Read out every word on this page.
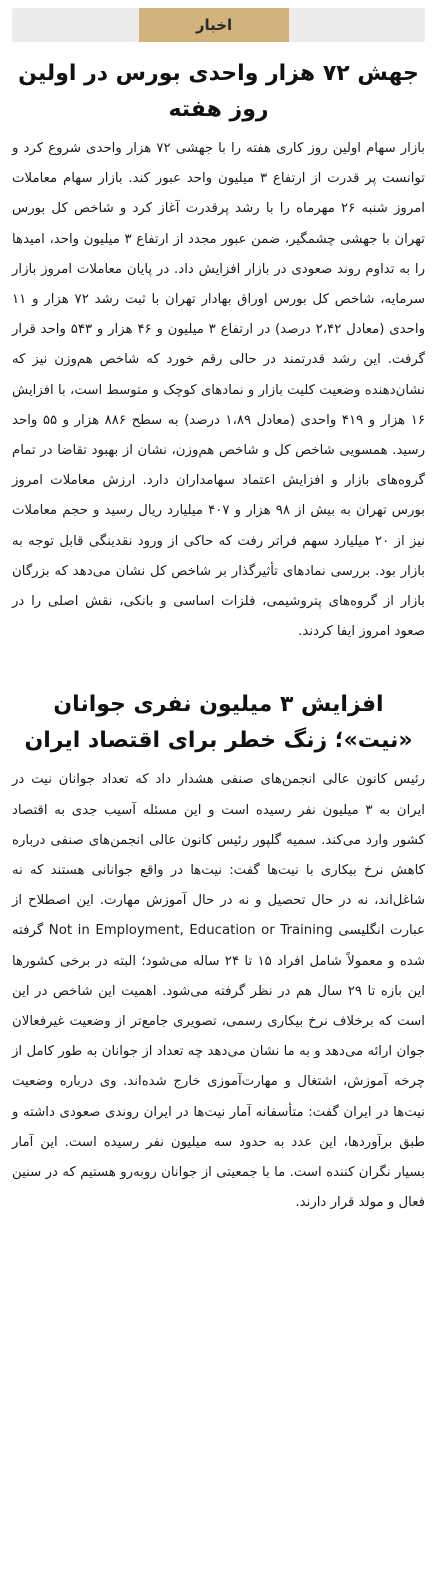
اخبار
جهش ۷۲ هزار واحدی بورس در اولین روز هفته

بازار سهام اولین روز کاری هفته را با جهشی ۷۲ هزار واحدی شروع کرد و توانست پر قدرت از ارتفاع ۳ میلیون واحد عبور کند. بازار سهام معاملات امروز شنبه ۲۶ مهرماه را با رشد پرقدرت آغاز کرد و شاخص کل بورس تهران با جهشی چشمگیر، ضمن عبور مجدد از ارتفاع ۳ میلیون واحد، امیدها را به تداوم روند صعودی در بازار افزایش داد. در پایان معاملات امروز بازار سرمایه، شاخص کل بورس اوراق بهادار تهران با ثبت رشد ۷۲ هزار و ۱۱ واحدی (معادل ۲،۴۲ درصد) در ارتفاع ۳ میلیون و ۴۶ هزار و ۵۴۳ واحد قرار گرفت. این رشد قدرتمند در حالی رقم خورد که شاخص هم‌وزن نیز که نشان‌دهنده وضعیت کلیت بازار و نمادهای کوچک و متوسط است، با افزایش ۱۶ هزار و ۴۱۹ واحدی (معادل ۱،۸۹ درصد) به سطح ۸۸۶ هزار و ۵۵ واحد رسید. همسویی شاخص کل و شاخص هم‌وزن، نشان از بهبود تقاضا در تمام گروه‌های بازار و افزایش اعتماد سهامداران دارد. ارزش معاملات امروز بورس تهران به بیش از ۹۸ هزار و ۴۰۷ میلیارد ریال رسید و حجم معاملات نیز از ۲۰ میلیارد سهم فراتر رفت که حاکی از ورود نقدینگی قابل توجه به بازار بود. بررسی نمادهای تأثیرگذار بر شاخص کل نشان می‌دهد که بزرگان بازار از گروه‌های پتروشیمی، فلزات اساسی و بانکی، نقش اصلی را در صعود امروز ایفا کردند.

افزایش ۳ میلیون نفری جوانان «نیت»؛ زنگ خطر برای اقتصاد ایران

رئیس کانون عالی انجمن‌های صنفی هشدار داد که تعداد جوانان نیت در ایران به ۳ میلیون نفر رسیده است و این مسئله آسیب جدی به اقتصاد کشور وارد می‌کند. سمیه گلپور رئیس کانون عالی انجمن‌های صنفی درباره کاهش نرخ بیکاری با نیت‌ها گفت: نیت‌ها در واقع جوانانی هستند که نه شاغل‌اند، نه در حال تحصیل و نه در حال آموزش مهارت. این اصطلاح از عبارت انگلیسی Not in Employment, Education or Training گرفته شده و معمولاً شامل افراد ۱۵ تا ۲۴ ساله می‌شود؛ البته در برخی کشورها این بازه تا ۲۹ سال هم در نظر گرفته می‌شود. اهمیت این شاخص در این است که برخلاف نرخ بیکاری رسمی، تصویری جامع‌تر از وضعیت غیرفعالان جوان ارائه می‌دهد و به ما نشان می‌دهد چه تعداد از جوانان به طور کامل از چرخه آموزش، اشتغال و مهارت‌آموزی خارج شده‌اند. وی درباره وضعیت نیت‌ها در ایران گفت: متأسفانه آمار نیت‌ها در ایران روندی صعودی داشته و طبق برآوردها، این عدد به حدود سه میلیون نفر رسیده است. این آمار بسیار نگران کننده است. ما با جمعیتی از جوانان روبه‌رو هستیم که در سنین فعال و مولد قرار دارند.
